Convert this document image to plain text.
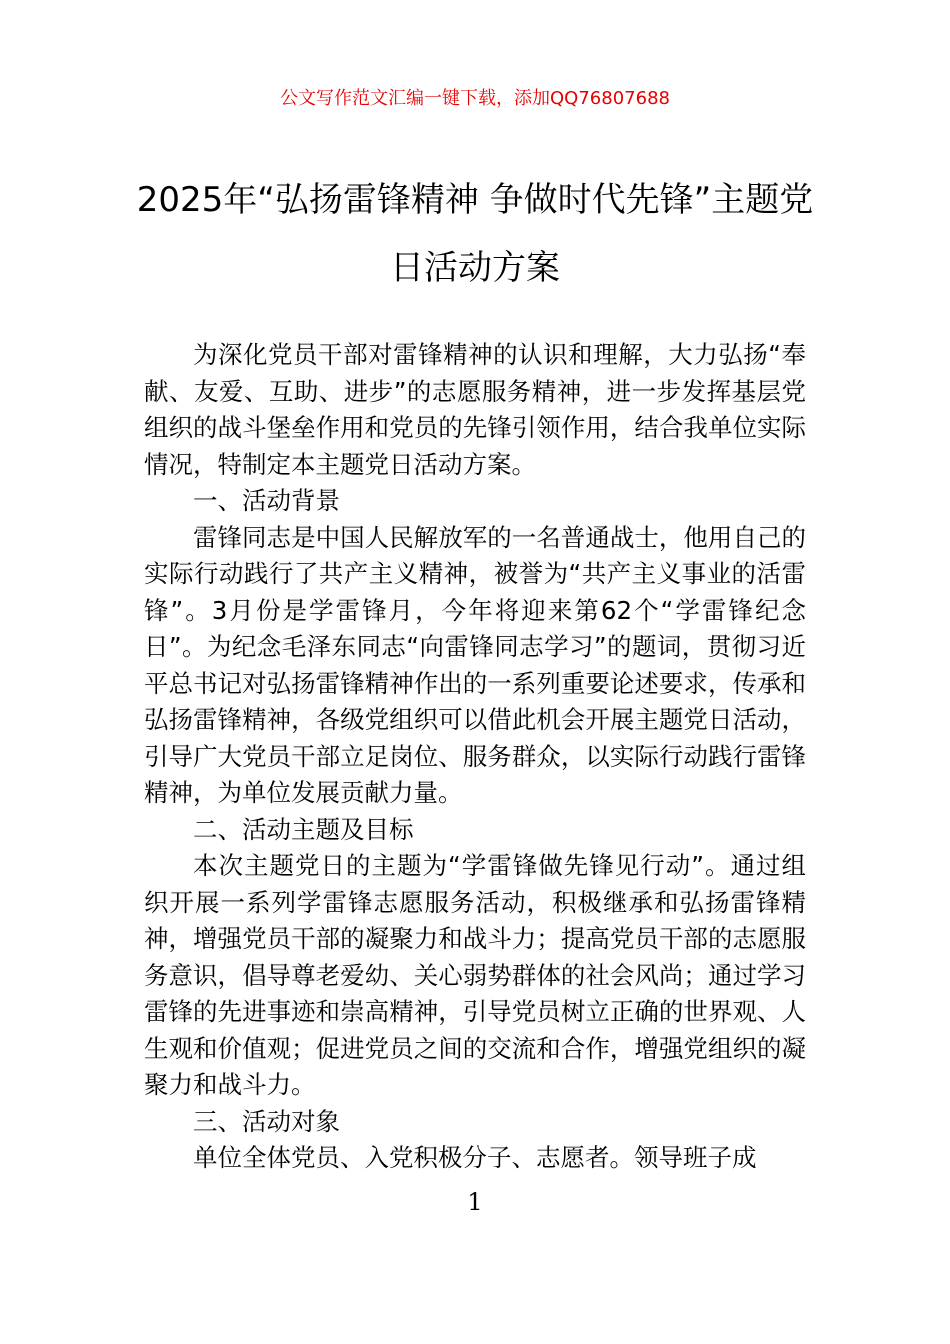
公文写作范文汇编一键下载，添加QQ76807688
2025年“弘扬雷锋精神 争做时代先锋”主题党日活动方案

为深化党员干部对雷锋精神的认识和理解，大力弘扬“奉献、友爱、互助、进步”的志愿服务精神，进一步发挥基层党组织的战斗堡垒作用和党员的先锋引领作用，结合我单位实际情况，特制定本主题党日活动方案。

一、活动背景

雷锋同志是中国人民解放军的一名普通战士，他用自己的实际行动践行了共产主义精神，被誉为“共产主义事业的活雷锋”。3月份是学雷锋月，今年将迎来第62个“学雷锋纪念日”。为纪念毛泽东同志“向雷锋同志学习”的题词，贯彻习近平总书记对弘扬雷锋精神作出的一系列重要论述要求，传承和弘扬雷锋精神，各级党组织可以借此机会开展主题党日活动，引导广大党员干部立足岗位、服务群众，以实际行动践行雷锋精神，为单位发展贡献力量。

二、活动主题及目标

本次主题党日的主题为“学雷锋做先锋见行动”。通过组织开展一系列学雷锋志愿服务活动，积极继承和弘扬雷锋精神，增强党员干部的凝聚力和战斗力；提高党员干部的志愿服务意识，倡导尊老爱幼、关心弱势群体的社会风尚；通过学习雷锋的先进事迹和崇高精神，引导党员树立正确的世界观、人生观和价值观；促进党员之间的交流和合作，增强党组织的凝聚力和战斗力。

三、活动对象

单位全体党员、入党积极分子、志愿者。领导班子成

1
